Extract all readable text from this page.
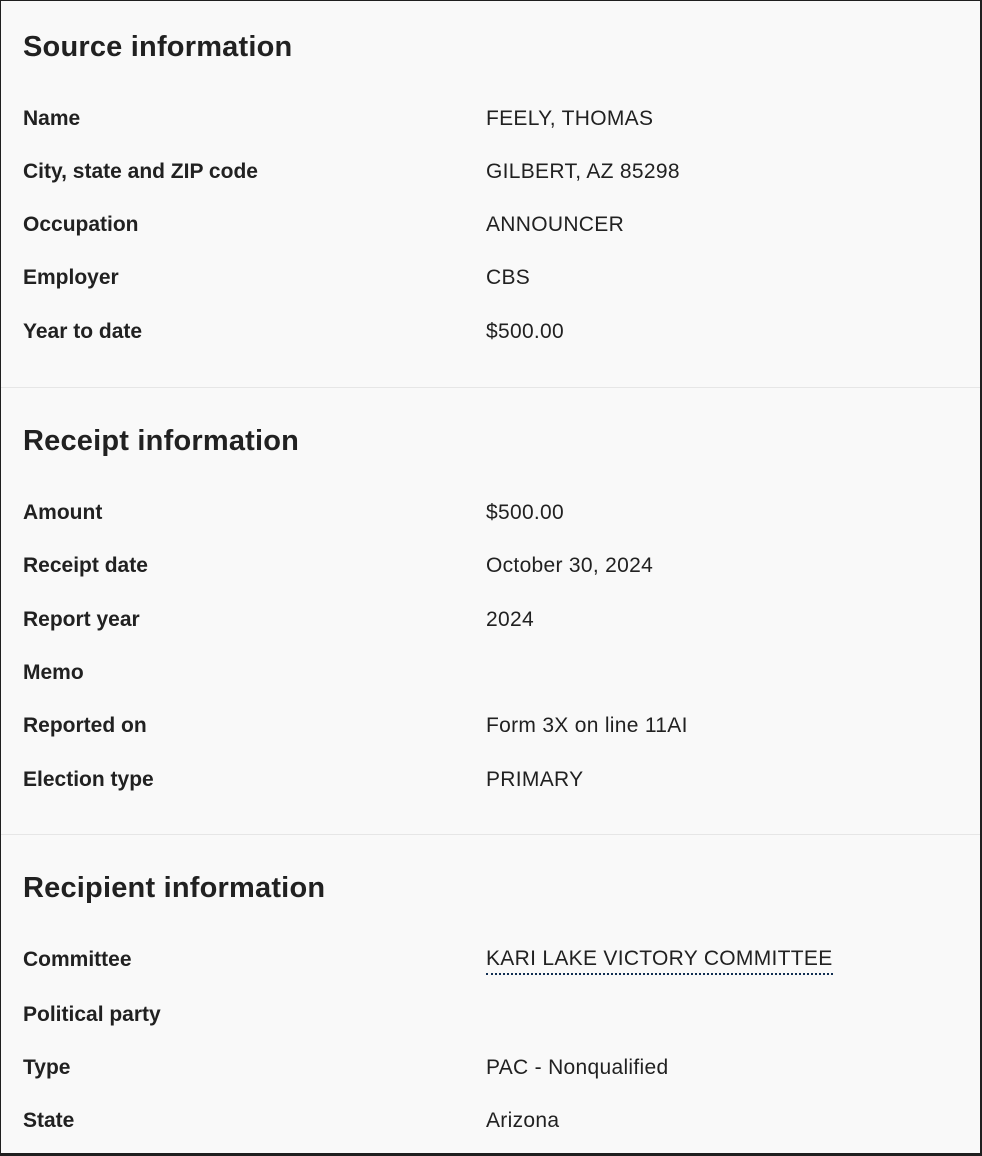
Source information
Name	FEELY, THOMAS
City, state and ZIP code	GILBERT, AZ 85298
Occupation	ANNOUNCER
Employer	CBS
Year to date	$500.00
Receipt information
Amount	$500.00
Receipt date	October 30, 2024
Report year	2024
Memo
Reported on	Form 3X on line 11AI
Election type	PRIMARY
Recipient information
Committee	KARI LAKE VICTORY COMMITTEE
Political party
Type	PAC - Nonqualified
State	Arizona
